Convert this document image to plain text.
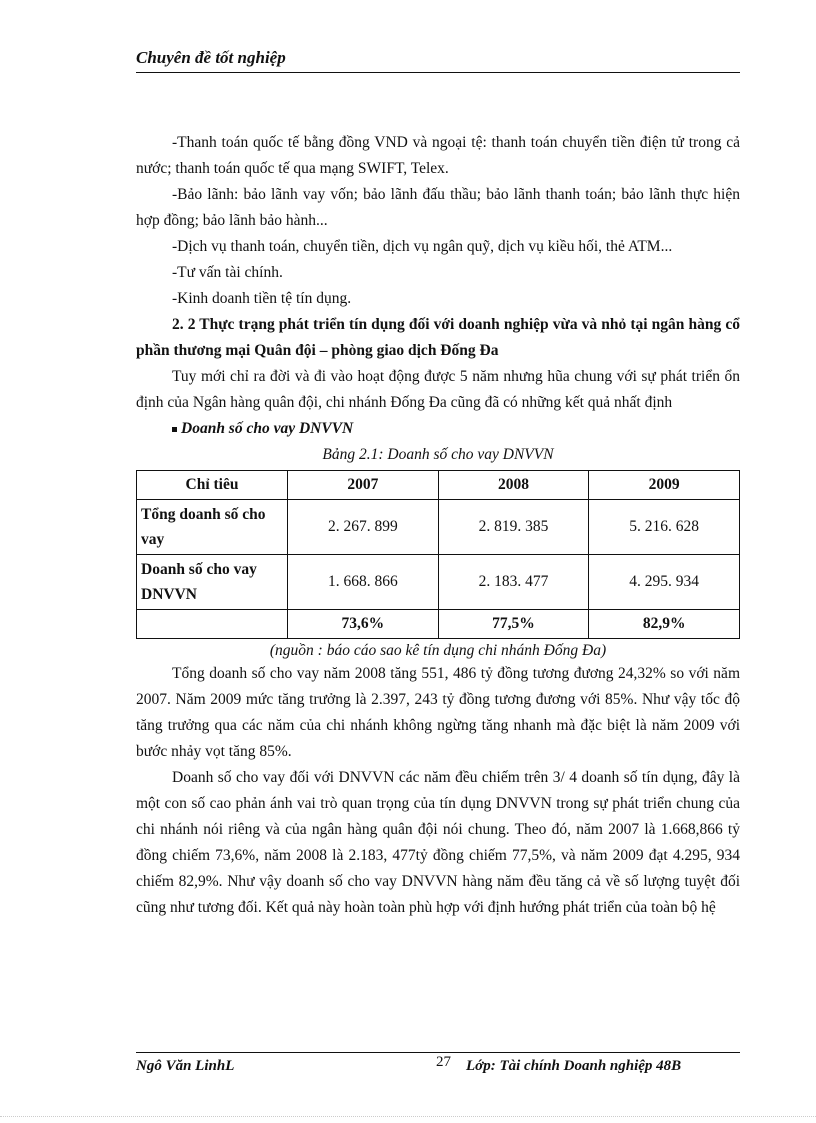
Chuyên đề tốt nghiệp

-Thanh toán quốc tế bằng đồng VND và ngoại tệ: thanh toán chuyển tiền điện tử trong cả nước; thanh toán quốc tế qua mạng SWIFT, Telex.

-Bảo lãnh: bảo lãnh vay vốn; bảo lãnh đấu thầu; bảo lãnh thanh toán; bảo lãnh thực hiện hợp đồng; bảo lãnh bảo hành...

-Dịch vụ thanh toán, chuyển tiền, dịch vụ ngân quỹ, dịch vụ kiều hối, thẻ ATM...

-Tư vấn tài chính.

-Kinh doanh tiền tệ tín dụng.

2. 2 Thực trạng phát triển tín dụng đối với doanh nghiệp vừa và nhỏ tại ngân hàng cổ phần thương mại Quân đội – phòng giao dịch Đống Đa

Tuy mới chỉ ra đời và đi vào hoạt động được 5 năm nhưng hũa chung với sự phát triển ổn định của Ngân hàng quân đội, chi nhánh Đống Đa cũng đã có những kết quả nhất định

Doanh số cho vay DNVVN

Bảng 2.1: Doanh số cho vay DNVVN

Chỉ tiêu	2007	2008	2009
Tổng doanh số cho vay	2. 267. 899	2. 819. 385	5. 216. 628
Doanh số cho vay DNVVN	1. 668. 866	2. 183. 477	4. 295. 934
	73,6%	77,5%	82,9%

(nguồn : báo cáo sao kê tín dụng chi nhánh Đống Đa)

Tổng doanh số cho vay năm 2008 tăng 551, 486 tỷ đồng tương đương 24,32% so với năm 2007. Năm 2009 mức tăng trưởng là 2.397, 243 tỷ đồng tương đương với 85%. Như vậy tốc độ tăng trưởng qua các năm của chi nhánh không ngừng tăng nhanh mà đặc biệt là năm 2009 với bước nhảy vọt tăng 85%.

Doanh số cho vay đối với DNVVN các năm đều chiếm trên 3/ 4 doanh số tín dụng, đây là một con số cao phản ánh vai trò quan trọng của tín dụng DNVVN trong sự phát triển chung của chi nhánh nói riêng và của ngân hàng quân đội nói chung. Theo đó, năm 2007 là 1.668,866 tỷ đồng chiếm 73,6%, năm 2008 là 2.183, 477tỷ đồng chiếm 77,5%, và năm 2009 đạt 4.295, 934 chiếm 82,9%. Như vậy doanh số cho vay DNVVN hàng năm đều tăng cả về số lượng tuyệt đối cũng như tương đối. Kết quả này hoàn toàn phù hợp với định hướng phát triển của toàn bộ hệ

Ngô Văn LinhL	27 Lớp: Tài chính Doanh nghiệp 48B
